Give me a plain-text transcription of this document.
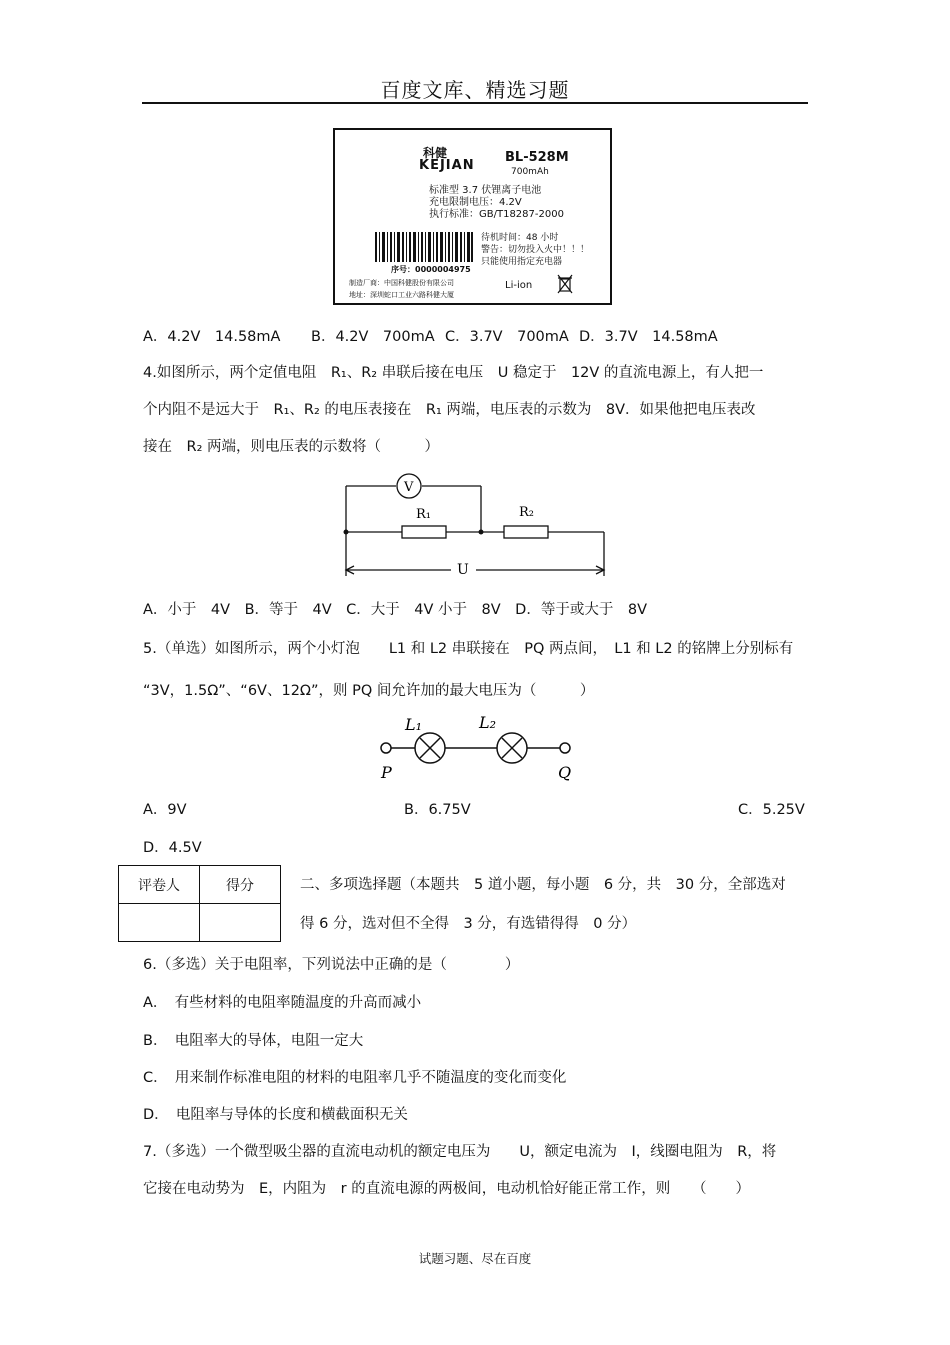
百度文库、精选习题
科健
KEJIAN
BL-528M
700mAh
标准型 3.7 伏锂离子电池
充电限制电压：4.2V
执行标准：GB/T18287-2000
待机时间：48 小时
警告：切勿投入火中！！！
只能使用指定充电器
序号：0000004975
制造厂商：中国科健股份有限公司
地址：深圳蛇口工业六路科健大厦
Li-ion
A．4.2V　14.58mA B．4.2V　700mA C．3.7V　700mA D．3.7V　14.58mA
4.如图所示，两个定值电阻　R₁、R₂ 串联后接在电压　U 稳定于　12V 的直流电源上，有人把一
个内阻不是远大于　R₁、R₂ 的电压表接在　R₁ 两端，电压表的示数为　8V．如果他把电压表改
接在　R₂ 两端，则电压表的示数将（　　　）
V
R₁	R₂
U
A．小于　4V　B．等于　4V　C．大于　4V 小于　8V　D．等于或大于　8V
5.（单选）如图所示，两个小灯泡　　L1 和 L2 串联接在　PQ 两点间，　L1 和 L2 的铭牌上分别标有
“3V，1.5Ω”、“6V、12Ω”，则 PQ 间允许加的最大电压为（　　　）
L₁	L₂
P	Q
A．9V	B．6.75V	C．5.25V
D．4.5V
评卷人	得分
		二、多项选择题（本题共　5 道小题，每小题　6 分，共　30 分，全部选对
得 6 分，选对但不全得　3 分，有选错得得　0 分）
6.（多选）关于电阻率，下列说法中正确的是（　　　　）
A．　有些材料的电阻率随温度的升高而减小
B．　电阻率大的导体，电阻一定大
C．　用来制作标准电阻的材料的电阻率几乎不随温度的变化而变化
D．　电阻率与导体的长度和横截面积无关
7.（多选）一个微型吸尘器的直流电动机的额定电压为　　U，额定电流为　I，线圈电阻为　R，将
它接在电动势为　E，内阻为　r 的直流电源的两极间，电动机恰好能正常工作，则　　（　　）
试题习题、尽在百度
